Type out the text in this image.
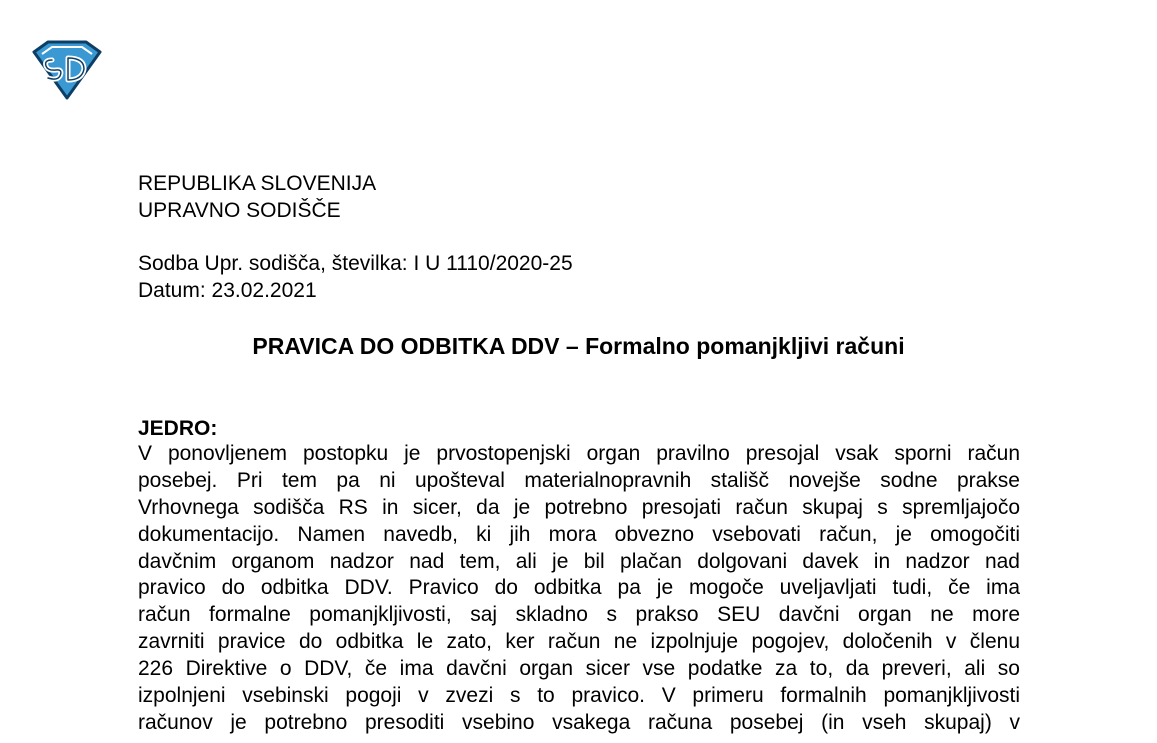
REPUBLIKA SLOVENIJA
UPRAVNO SODIŠČE
Sodba Upr. sodišča, številka: I U 1110/2020-25
Datum: 23.02.2021
PRAVICA DO ODBITKA DDV – Formalno pomanjkljivi računi
JEDRO:
V ponovljenem postopku je prvostopenjski organ pravilno presojal vsak sporni račun
posebej. Pri tem pa ni upošteval materialnopravnih stališč novejše sodne prakse
Vrhovnega sodišča RS in sicer, da je potrebno presojati račun skupaj s spremljajočo
dokumentacijo. Namen navedb, ki jih mora obvezno vsebovati račun, je omogočiti
davčnim organom nadzor nad tem, ali je bil plačan dolgovani davek in nadzor nad
pravico do odbitka DDV. Pravico do odbitka pa je mogoče uveljavljati tudi, če ima
račun formalne pomanjkljivosti, saj skladno s prakso SEU davčni organ ne more
zavrniti pravice do odbitka le zato, ker račun ne izpolnjuje pogojev, določenih v členu
226 Direktive o DDV, če ima davčni organ sicer vse podatke za to, da preveri, ali so
izpolnjeni vsebinski pogoji v zvezi s to pravico. V primeru formalnih pomanjkljivosti
računov je potrebno presoditi vsebino vsakega računa posebej (in vseh skupaj) v
